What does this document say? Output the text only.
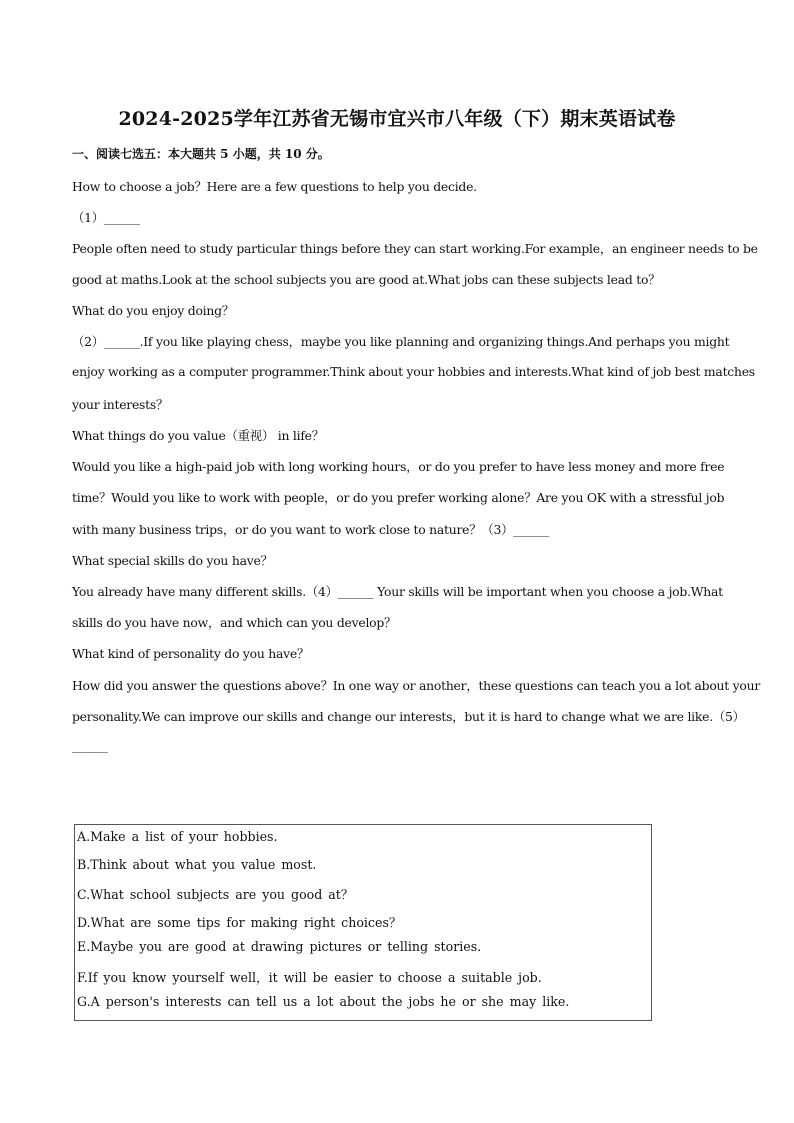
2024-2025学年江苏省无锡市宜兴市八年级（下）期末英语试卷
一、阅读七选五：本大题共 5 小题，共 10 分。
How to choose a job？Here are a few questions to help you decide.
（1）______
People often need to study particular things before they can start working.For example，an engineer needs to be
good at maths.Look at the school subjects you are good at.What jobs can these subjects lead to？
What do you enjoy doing？
（2）______.If you like playing chess，maybe you like planning and organizing things.And perhaps you might
enjoy working as a computer programmer.Think about your hobbies and interests.What kind of job best matches
your interests？
What things do you value（重视） in life？
Would you like a high-paid job with long working hours，or do you prefer to have less money and more free
time？Would you like to work with people，or do you prefer working alone？Are you OK with a stressful job
with many business trips，or do you want to work close to nature？（3）______
What special skills do you have？
You already have many different skills.（4）______ Your skills will be important when you choose a job.What
skills do you have now，and which can you develop？
What kind of personality do you have？
How did you answer the questions above？In one way or another，these questions can teach you a lot about your
personality.We can improve our skills and change our interests，but it is hard to change what we are like.（5）
______
A.Make a list of your hobbies.
B.Think about what you value most.
C.What school subjects are you good at？
D.What are some tips for making right choices？
E.Maybe you are good at drawing pictures or telling stories.
F.If you know yourself well，it will be easier to choose a suitable job.
G.A person's interests can tell us a lot about the jobs he or she may like.
